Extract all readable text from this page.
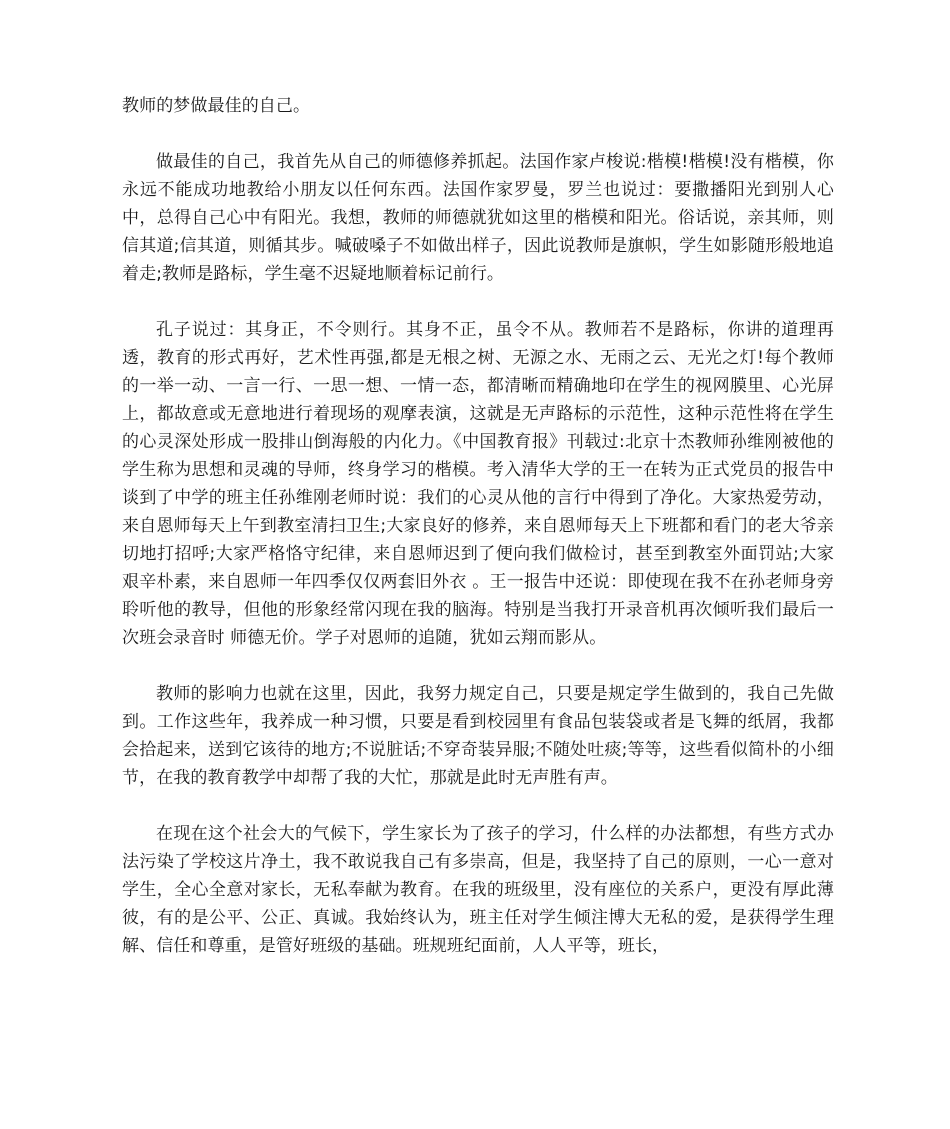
教师的梦做最佳的自己。

做最佳的自己，我首先从自己的师德修养抓起。法国作家卢梭说:楷模!楷模!没有楷模，你永远不能成功地教给小朋友以任何东西。法国作家罗曼，罗兰也说过：要撒播阳光到别人心中，总得自己心中有阳光。我想，教师的师德就犹如这里的楷模和阳光。俗话说，亲其师，则信其道;信其道，则循其步。喊破嗓子不如做出样子，因此说教师是旗帜，学生如影随形般地追着走;教师是路标，学生毫不迟疑地顺着标记前行。

孔子说过：其身正，不令则行。其身不正，虽令不从。教师若不是路标，你讲的道理再透，教育的形式再好，艺术性再强,都是无根之树、无源之水、无雨之云、无光之灯!每个教师的一举一动、一言一行、一思一想、一情一态，都清晰而精确地印在学生的视网膜里、心光屏上，都故意或无意地进行着现场的观摩表演，这就是无声路标的示范性，这种示范性将在学生的心灵深处形成一股排山倒海般的内化力。《中国教育报》刊载过:北京十杰教师孙维刚被他的学生称为思想和灵魂的导师，终身学习的楷模。考入清华大学的王一在转为正式党员的报告中谈到了中学的班主任孙维刚老师时说：我们的心灵从他的言行中得到了净化。大家热爱劳动，来自恩师每天上午到教室清扫卫生;大家良好的修养，来自恩师每天上下班都和看门的老大爷亲切地打招呼;大家严格恪守纪律，来自恩师迟到了便向我们做检讨，甚至到教室外面罚站;大家艰辛朴素，来自恩师一年四季仅仅两套旧外衣 。王一报告中还说：即使现在我不在孙老师身旁聆听他的教导，但他的形象经常闪现在我的脑海。特别是当我打开录音机再次倾听我们最后一次班会录音时 师德无价。学子对恩师的追随，犹如云翔而影从。

教师的影响力也就在这里，因此，我努力规定自己，只要是规定学生做到的，我自己先做到。工作这些年，我养成一种习惯，只要是看到校园里有食品包装袋或者是飞舞的纸屑，我都会拾起来，送到它该待的地方;不说脏话;不穿奇装异服;不随处吐痰;等等，这些看似简朴的小细节，在我的教育教学中却帮了我的大忙，那就是此时无声胜有声。

在现在这个社会大的气候下，学生家长为了孩子的学习，什么样的办法都想，有些方式办法污染了学校这片净土，我不敢说我自己有多崇高，但是，我坚持了自己的原则，一心一意对学生，全心全意对家长，无私奉献为教育。在我的班级里，没有座位的关系户，更没有厚此薄彼，有的是公平、公正、真诚。我始终认为，班主任对学生倾注博大无私的爱，是获得学生理解、信任和尊重，是管好班级的基础。班规班纪面前，人人平等，班长，
